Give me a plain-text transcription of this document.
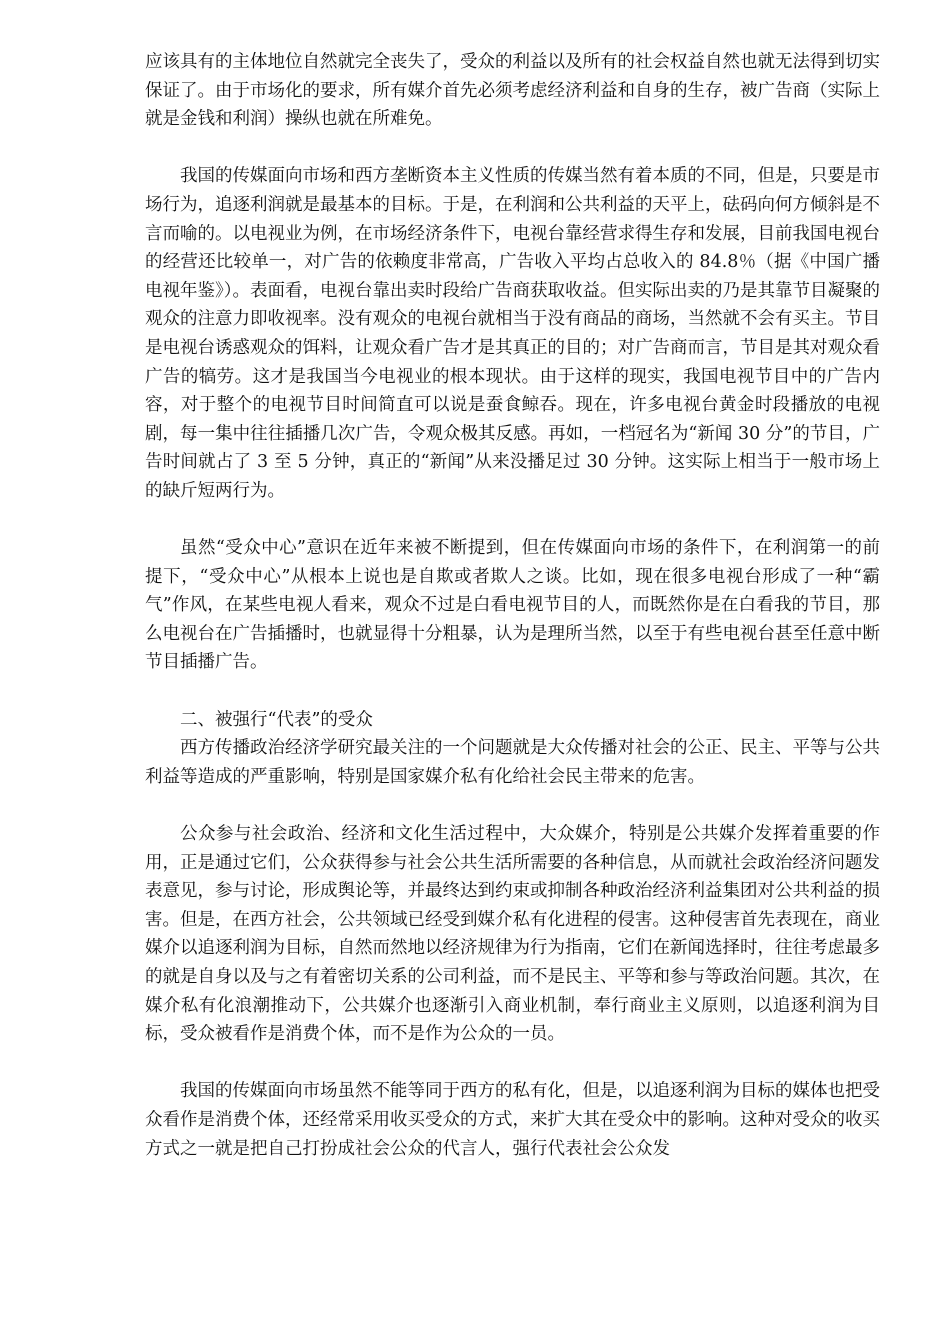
应该具有的主体地位自然就完全丧失了，受众的利益以及所有的社会权益自然也就无法得到切实保证了。由于市场化的要求，所有媒介首先必须考虑经济利益和自身的生存，被广告商（实际上就是金钱和利润）操纵也就在所难免。

我国的传媒面向市场和西方垄断资本主义性质的传媒当然有着本质的不同，但是，只要是市场行为，追逐利润就是最基本的目标。于是，在利润和公共利益的天平上，砝码向何方倾斜是不言而喻的。以电视业为例，在市场经济条件下，电视台靠经营求得生存和发展，目前我国电视台的经营还比较单一，对广告的依赖度非常高，广告收入平均占总收入的 84.8％（据《中国广播电视年鉴》）。表面看，电视台靠出卖时段给广告商获取收益。但实际出卖的乃是其靠节目凝聚的观众的注意力即收视率。没有观众的电视台就相当于没有商品的商场，当然就不会有买主。节目是电视台诱惑观众的饵料，让观众看广告才是其真正的目的；对广告商而言，节目是其对观众看广告的犒劳。这才是我国当今电视业的根本现状。由于这样的现实，我国电视节目中的广告内容，对于整个的电视节目时间简直可以说是蚕食鲸吞。现在，许多电视台黄金时段播放的电视剧，每一集中往往插播几次广告，令观众极其反感。再如，一档冠名为“新闻 30 分”的节目，广告时间就占了 3 至 5 分钟，真正的“新闻”从来没播足过 30 分钟。这实际上相当于一般市场上的缺斤短两行为。

虽然“受众中心”意识在近年来被不断提到，但在传媒面向市场的条件下，在利润第一的前提下，“受众中心”从根本上说也是自欺或者欺人之谈。比如，现在很多电视台形成了一种“霸气”作风，在某些电视人看来，观众不过是白看电视节目的人，而既然你是在白看我的节目，那么电视台在广告插播时，也就显得十分粗暴，认为是理所当然，以至于有些电视台甚至任意中断节目插播广告。

二、被强行“代表”的受众

西方传播政治经济学研究最关注的一个问题就是大众传播对社会的公正、民主、平等与公共利益等造成的严重影响，特别是国家媒介私有化给社会民主带来的危害。

公众参与社会政治、经济和文化生活过程中，大众媒介，特别是公共媒介发挥着重要的作用，正是通过它们，公众获得参与社会公共生活所需要的各种信息，从而就社会政治经济问题发表意见，参与讨论，形成舆论等，并最终达到约束或抑制各种政治经济利益集团对公共利益的损害。但是，在西方社会，公共领域已经受到媒介私有化进程的侵害。这种侵害首先表现在，商业媒介以追逐利润为目标，自然而然地以经济规律为行为指南，它们在新闻选择时，往往考虑最多的就是自身以及与之有着密切关系的公司利益，而不是民主、平等和参与等政治问题。其次，在媒介私有化浪潮推动下，公共媒介也逐渐引入商业机制，奉行商业主义原则，以追逐利润为目标，受众被看作是消费个体，而不是作为公众的一员。

我国的传媒面向市场虽然不能等同于西方的私有化，但是，以追逐利润为目标的媒体也把受众看作是消费个体，还经常采用收买受众的方式，来扩大其在受众中的影响。这种对受众的收买方式之一就是把自己打扮成社会公众的代言人，强行代表社会公众发
